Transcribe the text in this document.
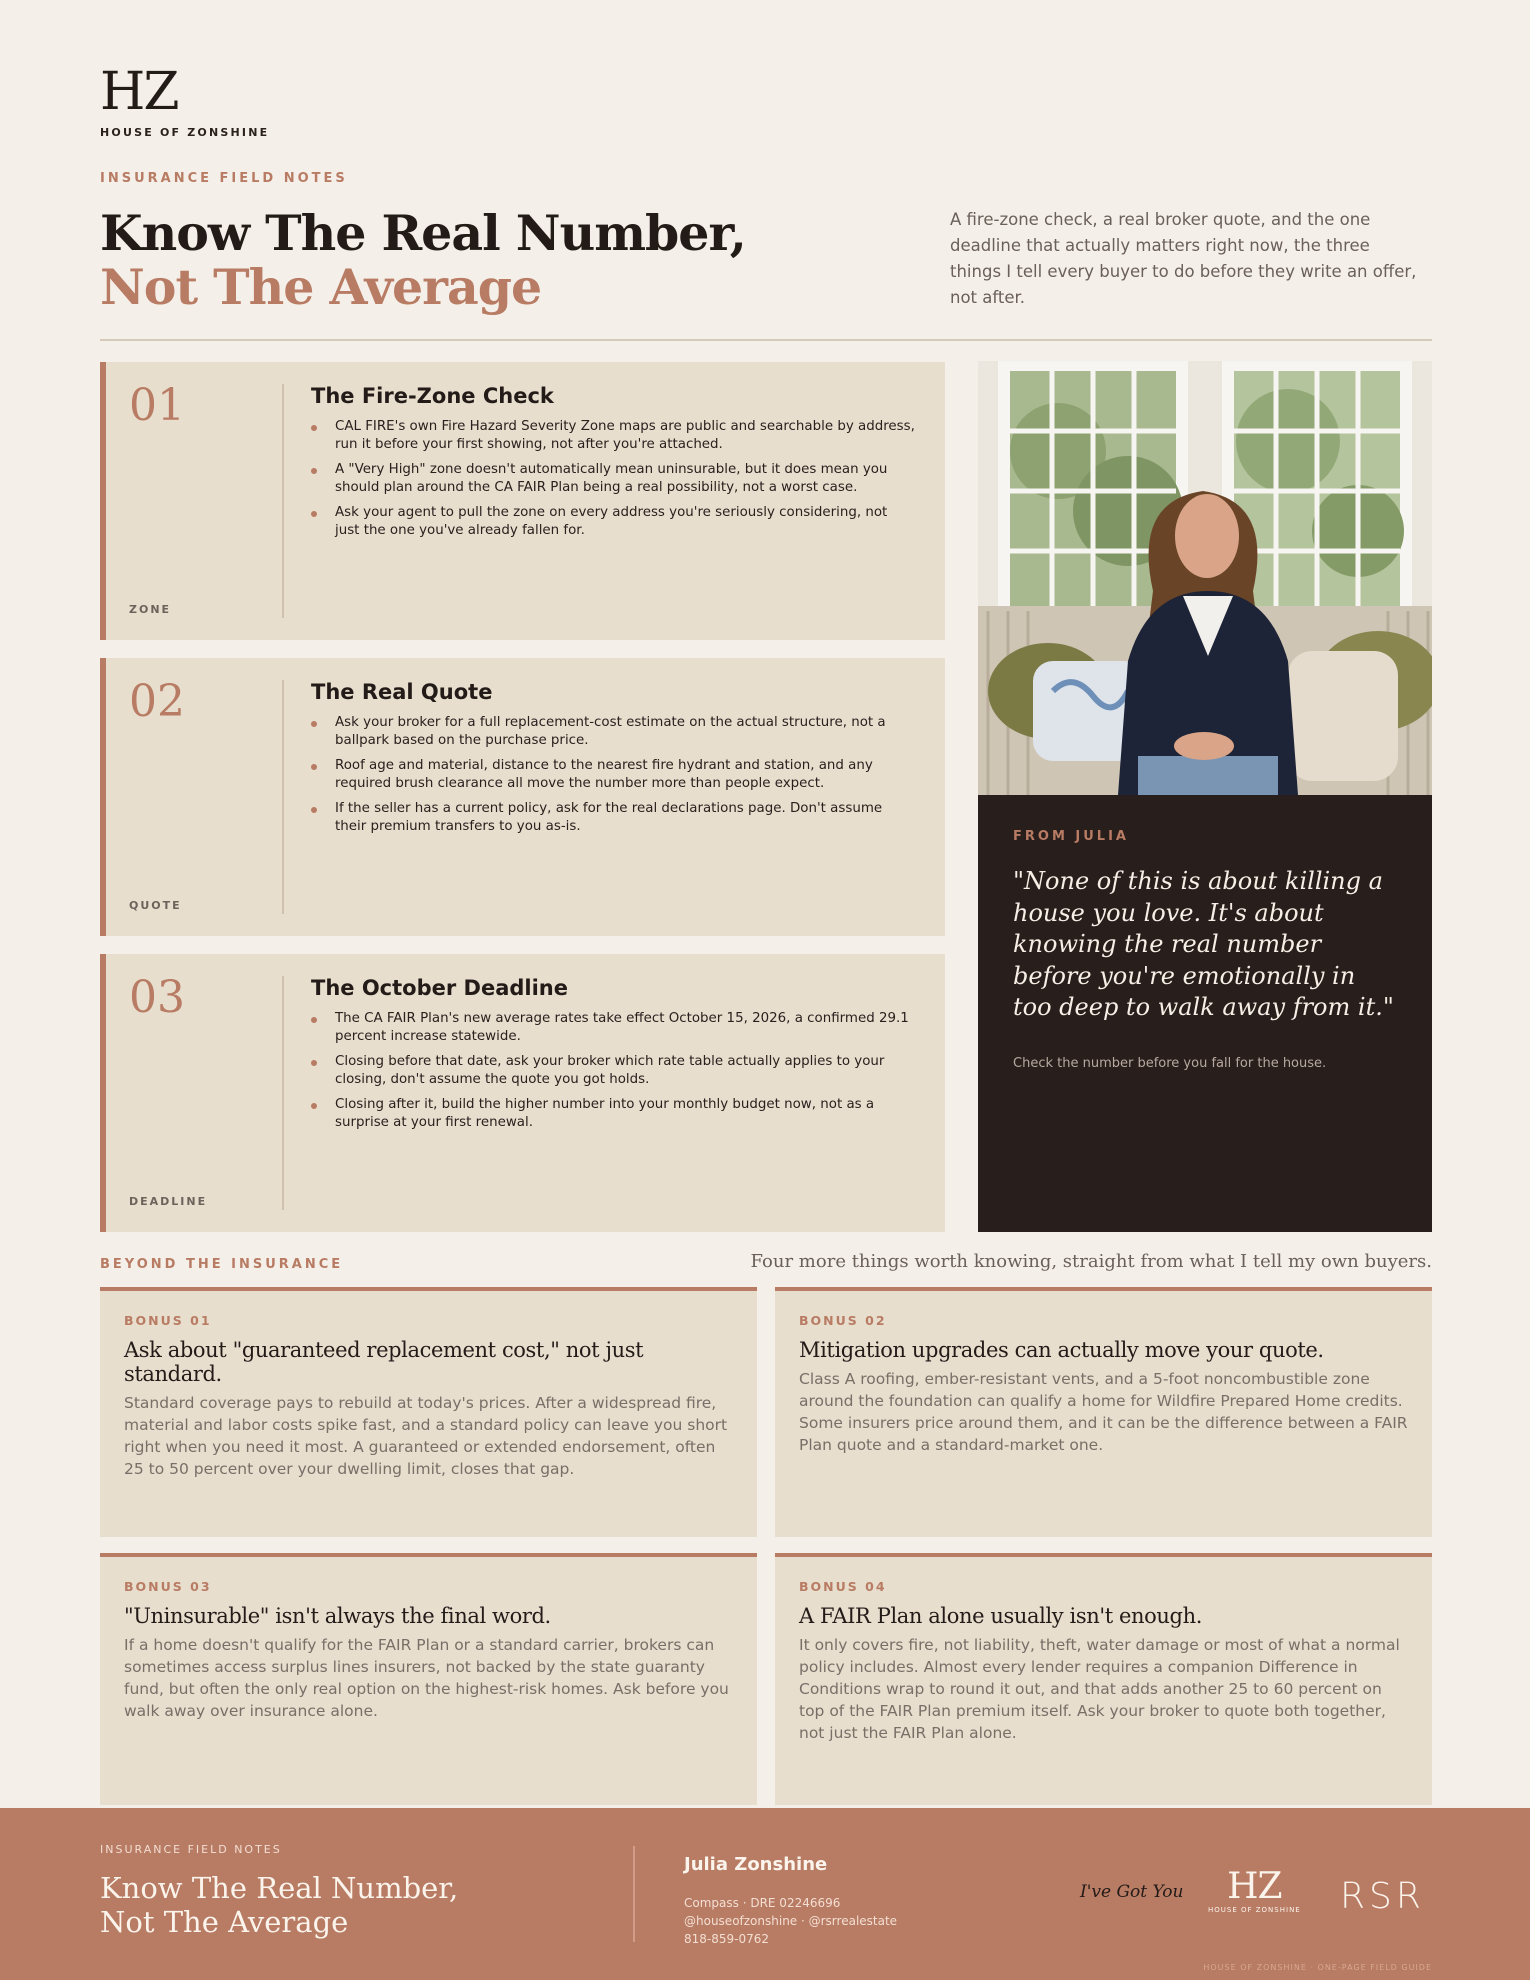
HZ
HOUSE OF ZONSHINE
INSURANCE FIELD NOTES
Know The Real Number,
Not The Average

A fire-zone check, a real broker quote, and the one deadline that actually matters right now, the three things I tell every buyer to do before they write an offer, not after.

01
ZONE
The Fire-Zone Check
CAL FIRE's own Fire Hazard Severity Zone maps are public and searchable by address, run it before your first showing, not after you're attached.
A "Very High" zone doesn't automatically mean uninsurable, but it does mean you should plan around the CA FAIR Plan being a real possibility, not a worst case.
Ask your agent to pull the zone on every address you're seriously considering, not just the one you've already fallen for.
02
QUOTE
The Real Quote
Ask your broker for a full replacement-cost estimate on the actual structure, not a ballpark based on the purchase price.
Roof age and material, distance to the nearest fire hydrant and station, and any required brush clearance all move the number more than people expect.
If the seller has a current policy, ask for the real declarations page. Don't assume their premium transfers to you as-is.
03
DEADLINE
The October Deadline
The CA FAIR Plan's new average rates take effect October 15, 2026, a confirmed 29.1 percent increase statewide.
Closing before that date, ask your broker which rate table actually applies to your closing, don't assume the quote you got holds.
Closing after it, build the higher number into your monthly budget now, not as a surprise at your first renewal.
FROM JULIA
"None of this is about killing a house you love. It's about knowing the real number before you're emotionally in too deep to walk away from it."
Check the number before you fall for the house.
BEYOND THE INSURANCE	Four more things worth knowing, straight from what I tell my own buyers.
BONUS 01
Ask about "guaranteed replacement cost," not just standard.

Standard coverage pays to rebuild at today's prices. After a widespread fire, material and labor costs spike fast, and a standard policy can leave you short right when you need it most. A guaranteed or extended endorsement, often 25 to 50 percent over your dwelling limit, closes that gap.

BONUS 02
Mitigation upgrades can actually move your quote.

Class A roofing, ember-resistant vents, and a 5-foot noncombustible zone around the foundation can qualify a home for Wildfire Prepared Home credits. Some insurers price around them, and it can be the difference between a FAIR Plan quote and a standard-market one.

BONUS 03
"Uninsurable" isn't always the final word.

If a home doesn't qualify for the FAIR Plan or a standard carrier, brokers can sometimes access surplus lines insurers, not backed by the state guaranty fund, but often the only real option on the highest-risk homes. Ask before you walk away over insurance alone.

BONUS 04
A FAIR Plan alone usually isn't enough.

It only covers fire, not liability, theft, water damage or most of what a normal policy includes. Almost every lender requires a companion Difference in Conditions wrap to round it out, and that adds another 25 to 60 percent on top of the FAIR Plan premium itself. Ask your broker to quote both together, not just the FAIR Plan alone.

INSURANCE FIELD NOTES
Know The Real Number,
Not The Average
Julia Zonshine
Compass · DRE 02246696
@houseofzonshine · @rsrrealestate
818-859-0762
I've Got You	HZ
HOUSE OF ZONSHINE RSR
HOUSE OF ZONSHINE · ONE-PAGE FIELD GUIDE
